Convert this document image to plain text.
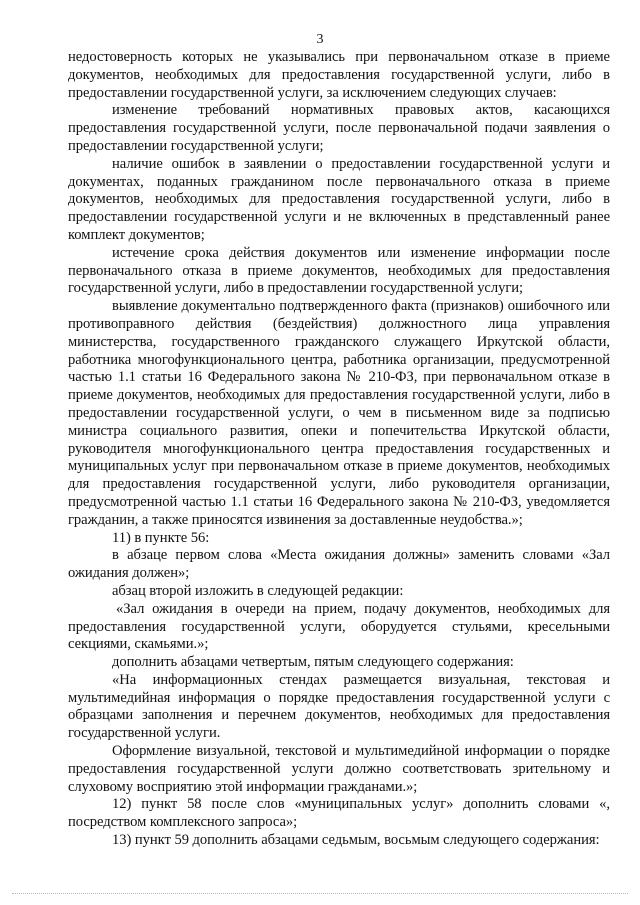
3

недостоверность которых не указывались при первоначальном отказе в приеме документов, необходимых для предоставления государственной услуги, либо в предоставлении государственной услуги, за исключением следующих случаев:

изменение требований нормативных правовых актов, касающихся предоставления государственной услуги, после первоначальной подачи заявления о предоставлении государственной услуги;

наличие ошибок в заявлении о предоставлении государственной услуги и документах, поданных гражданином после первоначального отказа в приеме документов, необходимых для предоставления государственной услуги, либо в предоставлении государственной услуги и не включенных в представленный ранее комплект документов;

истечение срока действия документов или изменение информации после первоначального отказа в приеме документов, необходимых для предоставления государственной услуги, либо в предоставлении государственной услуги;

выявление документально подтвержденного факта (признаков) ошибочного или противоправного действия (бездействия) должностного лица управления министерства, государственного гражданского служащего Иркутской области, работника многофункционального центра, работника организации, предусмотренной частью 1.1 статьи 16 Федерального закона № 210-ФЗ, при первоначальном отказе в приеме документов, необходимых для предоставления государственной услуги, либо в предоставлении государственной услуги, о чем в письменном виде за подписью министра социального развития, опеки и попечительства Иркутской области, руководителя многофункционального центра предоставления государственных и муниципальных услуг при первоначальном отказе в приеме документов, необходимых для предоставления государственной услуги, либо руководителя организации, предусмотренной частью 1.1 статьи 16 Федерального закона № 210-ФЗ, уведомляется гражданин, а также приносятся извинения за доставленные неудобства.»;

11) в пункте 56:

в абзаце первом слова «Места ожидания должны» заменить словами «Зал ожидания должен»;

абзац второй изложить в следующей редакции:

«Зал ожидания в очереди на прием, подачу документов, необходимых для предоставления государственной услуги, оборудуется стульями, кресельными секциями, скамьями.»;

дополнить абзацами четвертым, пятым следующего содержания:

«На информационных стендах размещается визуальная, текстовая и мультимедийная информация о порядке предоставления государственной услуги с образцами заполнения и перечнем документов, необходимых для предоставления государственной услуги.

Оформление визуальной, текстовой и мультимедийной информации о порядке предоставления государственной услуги должно соответствовать зрительному и слуховому восприятию этой информации гражданами.»;

12) пункт 58 после слов «муниципальных услуг» дополнить словами «, посредством комплексного запроса»;

13) пункт 59 дополнить абзацами седьмым, восьмым следующего содержания:
